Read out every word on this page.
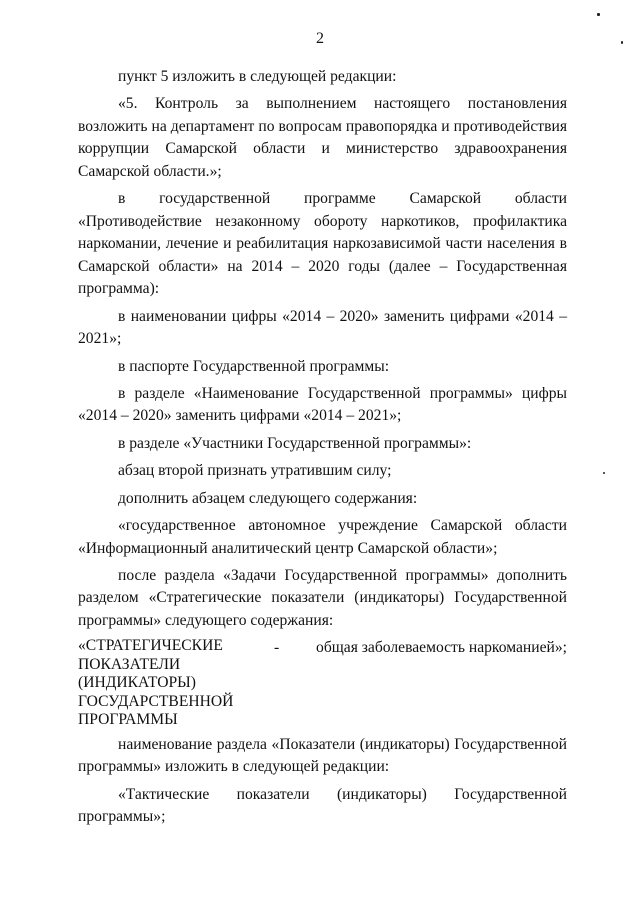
2

пункт 5 изложить в следующей редакции:

«5. Контроль за выполнением настоящего постановления возложить на департамент по вопросам правопорядка и противодействия коррупции Самарской области и министерство здравоохранения Самарской области.»;

в государственной программе Самарской области «Противодействие незаконному обороту наркотиков, профилактика наркомании, лечение и реабилитация наркозависимой части населения в Самарской области» на 2014 – 2020 годы (далее – Государственная программа):

в наименовании цифры «2014 – 2020» заменить цифрами «2014 – 2021»;

в паспорте Государственной программы:

в разделе «Наименование Государственной программы» цифры «2014 – 2020» заменить цифрами «2014 – 2021»;

в разделе «Участники Государственной программы»:

абзац второй признать утратившим силу;

дополнить абзацем следующего содержания:

«государственное автономное учреждение Самарской области «Информационный аналитический центр Самарской области»;

после раздела «Задачи Государственной программы» дополнить разделом «Стратегические показатели (индикаторы) Государственной программы» следующего содержания:

«СТРАТЕГИЧЕСКИЕ ПОКАЗАТЕЛИ (ИНДИКАТОРЫ) ГОСУДАРСТВЕННОЙ ПРОГРАММЫ
-	общая заболеваемость наркоманией»;

наименование раздела «Показатели (индикаторы) Государственной программы» изложить в следующей редакции:

«Тактические показатели (индикаторы) Государственной программы»;
